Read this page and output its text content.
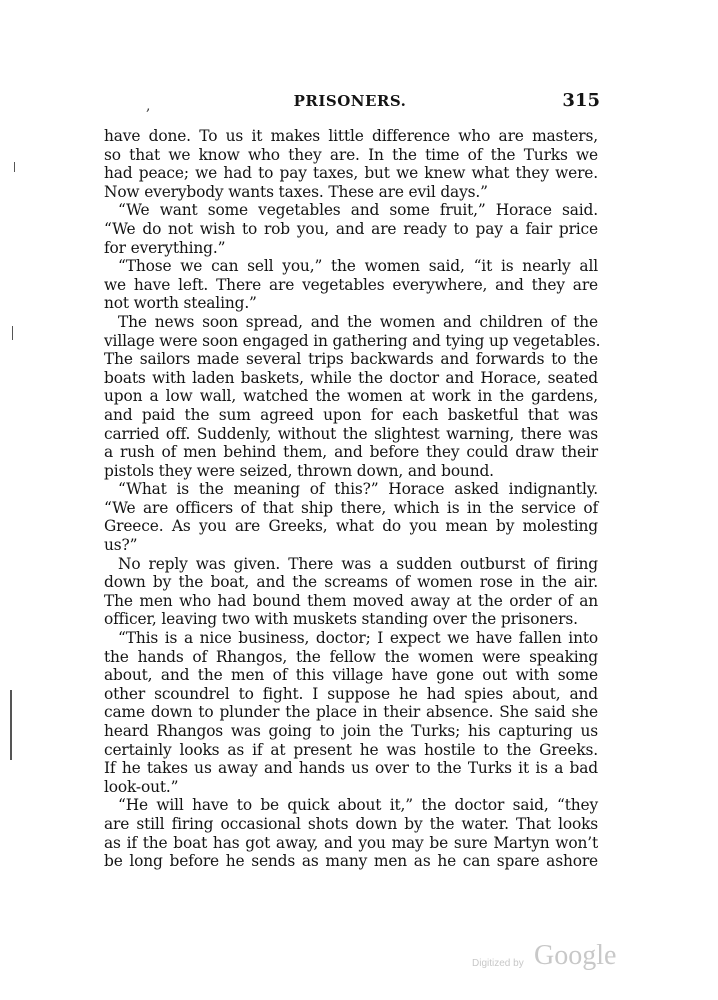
,	PRISONERS.	315
have done. To us it makes little difference who are masters,
so that we know who they are. In the time of the Turks we
had peace; we had to pay taxes, but we knew what they were.
Now everybody wants taxes. These are evil days.”
“We want some vegetables and some fruit,” Horace said.
“We do not wish to rob you, and are ready to pay a fair price
for everything.”
“Those we can sell you,” the women said, “it is nearly all
we have left. There are vegetables everywhere, and they are
not worth stealing.”
The news soon spread, and the women and children of the
village were soon engaged in gathering and tying up vegetables.
The sailors made several trips backwards and forwards to the
boats with laden baskets, while the doctor and Horace, seated
upon a low wall, watched the women at work in the gardens,
and paid the sum agreed upon for each basketful that was
carried off. Suddenly, without the slightest warning, there was
a rush of men behind them, and before they could draw their
pistols they were seized, thrown down, and bound.
“What is the meaning of this?” Horace asked indignantly.
“We are officers of that ship there, which is in the service of
Greece. As you are Greeks, what do you mean by molesting
us?”
No reply was given. There was a sudden outburst of firing
down by the boat, and the screams of women rose in the air.
The men who had bound them moved away at the order of an
officer, leaving two with muskets standing over the prisoners.
“This is a nice business, doctor; I expect we have fallen into
the hands of Rhangos, the fellow the women were speaking
about, and the men of this village have gone out with some
other scoundrel to fight. I suppose he had spies about, and
came down to plunder the place in their absence. She said she
heard Rhangos was going to join the Turks; his capturing us
certainly looks as if at present he was hostile to the Greeks.
If he takes us away and hands us over to the Turks it is a bad
look-out.”
“He will have to be quick about it,” the doctor said, “they
are still firing occasional shots down by the water. That looks
as if the boat has got away, and you may be sure Martyn won’t
be long before he sends as many men as he can spare ashore
Digitized by Google
